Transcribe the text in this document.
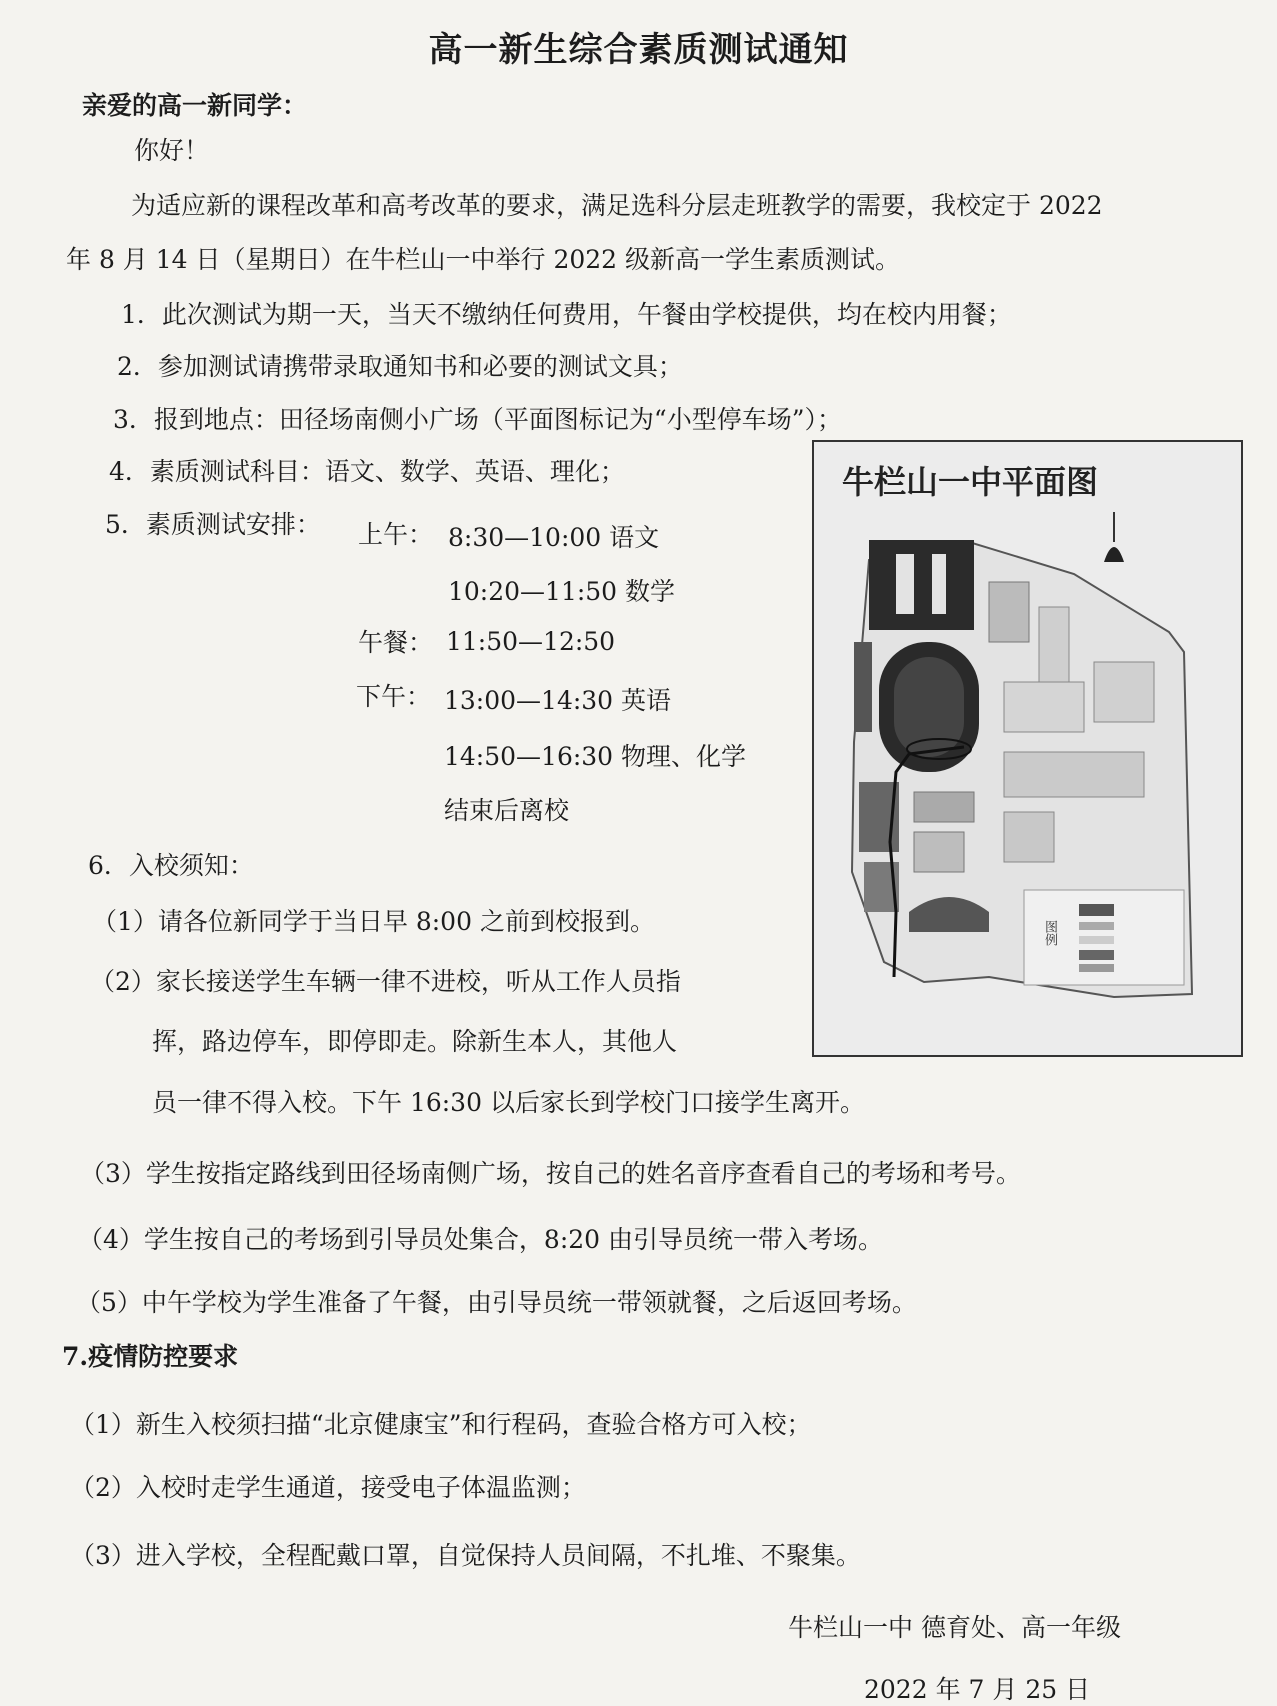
高一新生综合素质测试通知
亲爱的高一新同学：
你好！
为适应新的课程改革和高考改革的要求，满足选科分层走班教学的需要，我校定于 2022
年 8 月 14 日（星期日）在牛栏山一中举行 2022 级新高一学生素质测试。
1．此次测试为期一天，当天不缴纳任何费用，午餐由学校提供，均在校内用餐；
2．参加测试请携带录取通知书和必要的测试文具；
3．报到地点：田径场南侧小广场（平面图标记为“小型停车场”）；
4．素质测试科目：语文、数学、英语、理化；
5．素质测试安排： 上午： 8:30—10:00 语文
10:20—11:50 数学
午餐： 11:50—12:50
下午： 13:00—14:30 英语
14:50—16:30 物理、化学
结束后离校
6．入校须知：
（1）请各位新同学于当日早 8:00 之前到校报到。
（2）家长接送学生车辆一律不进校，听从工作人员指
挥，路边停车，即停即走。除新生本人，其他人
员一律不得入校。下午 16:30 以后家长到学校门口接学生离开。
（3）学生按指定路线到田径场南侧广场，按自己的姓名音序查看自己的考场和考号。
（4）学生按自己的考场到引导员处集合，8:20 由引导员统一带入考场。
（5）中午学校为学生准备了午餐，由引导员统一带领就餐，之后返回考场。
7.疫情防控要求
（1）新生入校须扫描“北京健康宝”和行程码，查验合格方可入校；
（2）入校时走学生通道，接受电子体温监测；
（3）进入学校，全程配戴口罩，自觉保持人员间隔，不扎堆、不聚集。
牛栏山一中 德育处、高一年级
2022 年 7 月 25 日
牛栏山一中平面图
图例
